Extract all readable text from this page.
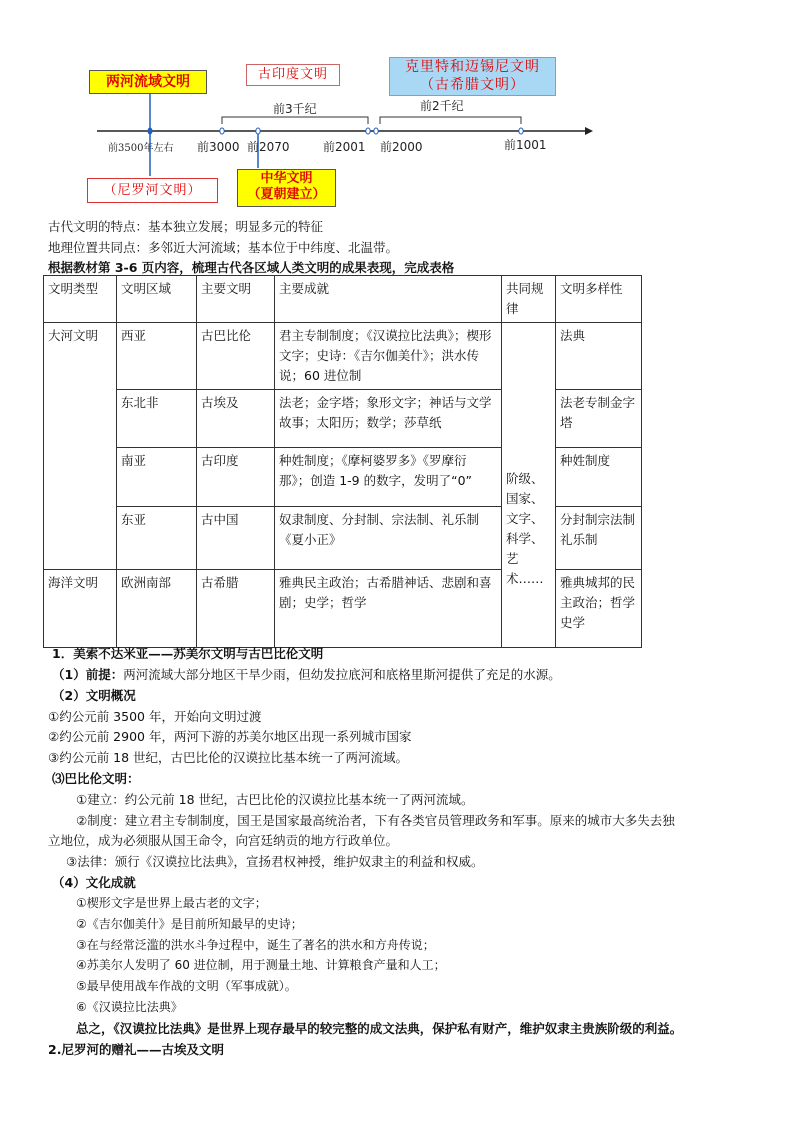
两河流域文明	古印度文明	克里特和迈锡尼文明
（古希腊文明）
（尼罗河文明）
中华文明
（夏朝建立）
前3千纪	前2千纪
前3500年左右 前3000 前2070	前2001 前2000	前1001
古代文明的特点：基本独立发展；明显多元的特征
地理位置共同点：多邻近大河流域；基本位于中纬度、北温带。
根据教材第 3-6 页内容，梳理古代各区域人类文明的成果表现，完成表格
文明类型	文明区域	主要文明	主要成就	共同规律	文明多样性
大河文明	西亚	古巴比伦	君主专制制度；《汉谟拉比法典》；楔形文字；史诗：《吉尔伽美什》；洪水传说；60 进位制	阶级、国家、文字、科学、艺术……	法典
	东北非	古埃及	法老；金字塔；象形文字；神话与文学故事；太阳历；数学；莎草纸		法老专制金字塔
	南亚	古印度	种姓制度；《摩柯婆罗多》《罗摩衍那》；创造 1-9 的数字，发明了“0”		种姓制度
	东亚	古中国	奴隶制度、分封制、宗法制、礼乐制《夏小正》		分封制宗法制礼乐制
海洋文明	欧洲南部	古希腊	雅典民主政治；古希腊神话、悲剧和喜剧；史学；哲学		雅典城邦的民主政治；哲学史学
1．美索不达米亚——苏美尔文明与古巴比伦文明
（1）前提：两河流域大部分地区干旱少雨，但幼发拉底河和底格里斯河提供了充足的水源。
（2）文明概况
①约公元前 3500 年，开始向文明过渡
②约公元前 2900 年，两河下游的苏美尔地区出现一系列城市国家
③约公元前 18 世纪，古巴比伦的汉谟拉比基本统一了两河流域。
⑶巴比伦文明：
①建立：约公元前 18 世纪，古巴比伦的汉谟拉比基本统一了两河流域。
②制度：建立君主专制制度，国王是国家最高统治者，下有各类官员管理政务和军事。原来的城市大多失去独
立地位，成为必须服从国王命令，向宫廷纳贡的地方行政单位。
③法律：颁行《汉谟拉比法典》，宣扬君权神授，维护奴隶主的利益和权威。
（4）文化成就
①楔形文字是世界上最古老的文字；
②《吉尔伽美什》是目前所知最早的史诗；
③在与经常泛滥的洪水斗争过程中，诞生了著名的洪水和方舟传说；
④苏美尔人发明了 60 进位制，用于测量土地、计算粮食产量和人工；
⑤最早使用战车作战的文明（军事成就）。
⑥《汉谟拉比法典》
总之，《汉谟拉比法典》是世界上现存最早的较完整的成文法典，保护私有财产，维护奴隶主贵族阶级的利益。
2.尼罗河的赠礼——古埃及文明
